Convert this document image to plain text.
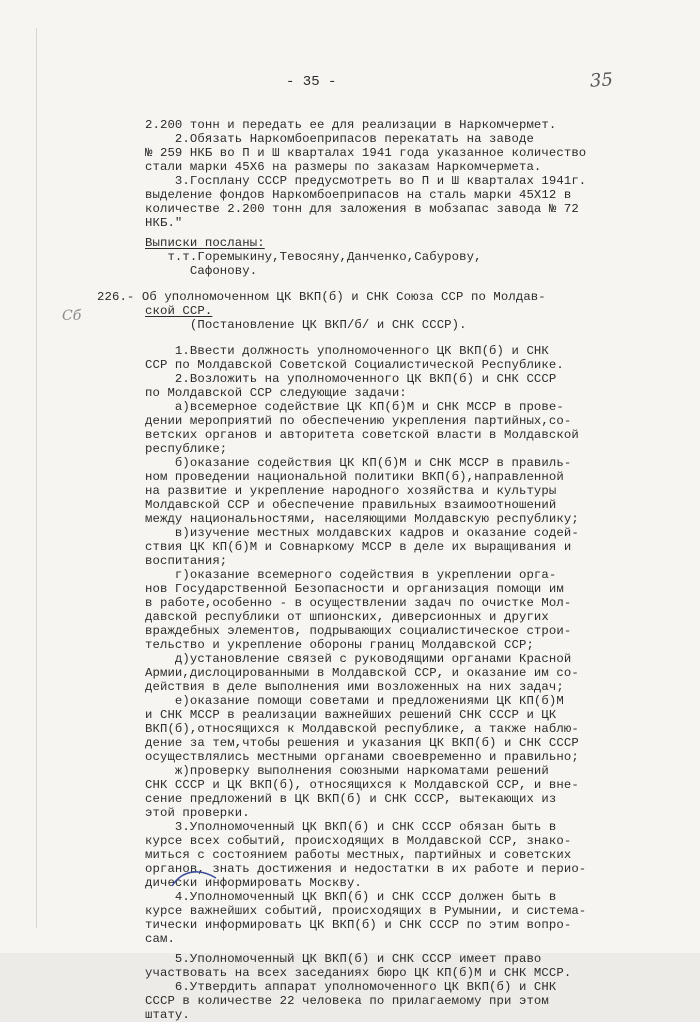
- 35 -	35
Сб
2.200 тонн и передать ее для реализации в Наркомчермет.
2.Обязать Наркомбоеприпасов перекатать на заводе
№ 259 НКБ во П и Ш кварталах 1941 года указанное количество
стали марки 45Х6 на размеры по заказам Наркомчермета.
3.Госплану СССР предусмотреть во П и Ш кварталах 1941г.
выделение фондов Наркомбоеприпасов на сталь марки 45Х12 в
количестве 2.200 тонн для заложения в мобзапас завода № 72
НКБ."
Выписки посланы:
т.т.Горемыкину,Тевосяну,Данченко,Сабурову,
Сафонову.
226.- Об уполномоченном ЦК ВКП(б) и СНК Союза ССР по Молдав-
ской ССР.
(Постановление ЦК ВКП/б/ и СНК СССР).
1.Ввести должность уполномоченного ЦК ВКП(б) и СНК
ССР по Молдавской Советской Социалистической Республике.
2.Возложить на уполномоченного ЦК ВКП(б) и СНК СССР
по Молдавской ССР следующие задачи:
а)всемерное содействие ЦК КП(б)М и СНК МССР в прове-
дении мероприятий по обеспечению укрепления партийных,со-
ветских органов и авторитета советской власти в Молдавской
республике;
б)оказание содействия ЦК КП(б)М и СНК МССР в правиль-
ном проведении национальной политики ВКП(б),направленной
на развитие и укрепление народного хозяйства и культуры
Молдавской ССР и обеспечение правильных взаимоотношений
между национальностями, населяющими Молдавскую республику;
в)изучение местных молдавских кадров и оказание содей-
ствия ЦК КП(б)М и Совнаркому МССР в деле их выращивания и
воспитания;
г)оказание всемерного содействия в укреплении орга-
нов Государственной Безопасности и организация помощи им
в работе,особенно - в осуществлении задач по очистке Мол-
давской республики от шпионских, диверсионных и других
враждебных элементов, подрывающих социалистическое строи-
тельство и укрепление обороны границ Молдавской ССР;
д)установление связей с руководящими органами Красной
Армии,дислоцированными в Молдавской ССР, и оказание им со-
действия в деле выполнения ими возложенных на них задач;
е)оказание помощи советами и предложениями ЦК КП(б)М
и СНК МССР в реализации важнейших решений СНК СССР и ЦК
ВКП(б),относящихся к Молдавской республике, а также наблю-
дение за тем,чтобы решения и указания ЦК ВКП(б) и СНК СССР
осуществлялись местными органами своевременно и правильно;
ж)проверку выполнения союзными наркоматами решений
СНК СССР и ЦК ВКП(б), относящихся к Молдавской ССР, и вне-
сение предложений в ЦК ВКП(б) и СНК СССР, вытекающих из
этой проверки.
3.Уполномоченный ЦК ВКП(б) и СНК СССР обязан быть в
курсе всех событий, происходящих в Молдавской ССР, знако-
миться с состоянием работы местных, партийных и советских
органов, знать достижения и недостатки в их работе и перио-
дически информировать Москву.
4.Уполномоченный ЦК ВКП(б) и СНК СССР должен быть в
курсе важнейших событий, происходящих в Румынии, и система-
тически информировать ЦК ВКП(б) и СНК СССР по этим вопро-
сам.
5.Уполномоченный ЦК ВКП(б) и СНК СССР имеет право
участвовать на всех заседаниях бюро ЦК КП(б)М и СНК МССР.
6.Утвердить аппарат уполномоченного ЦК ВКП(б) и СНК
СССР в количестве 22 человека по прилагаемому при этом
штату.
